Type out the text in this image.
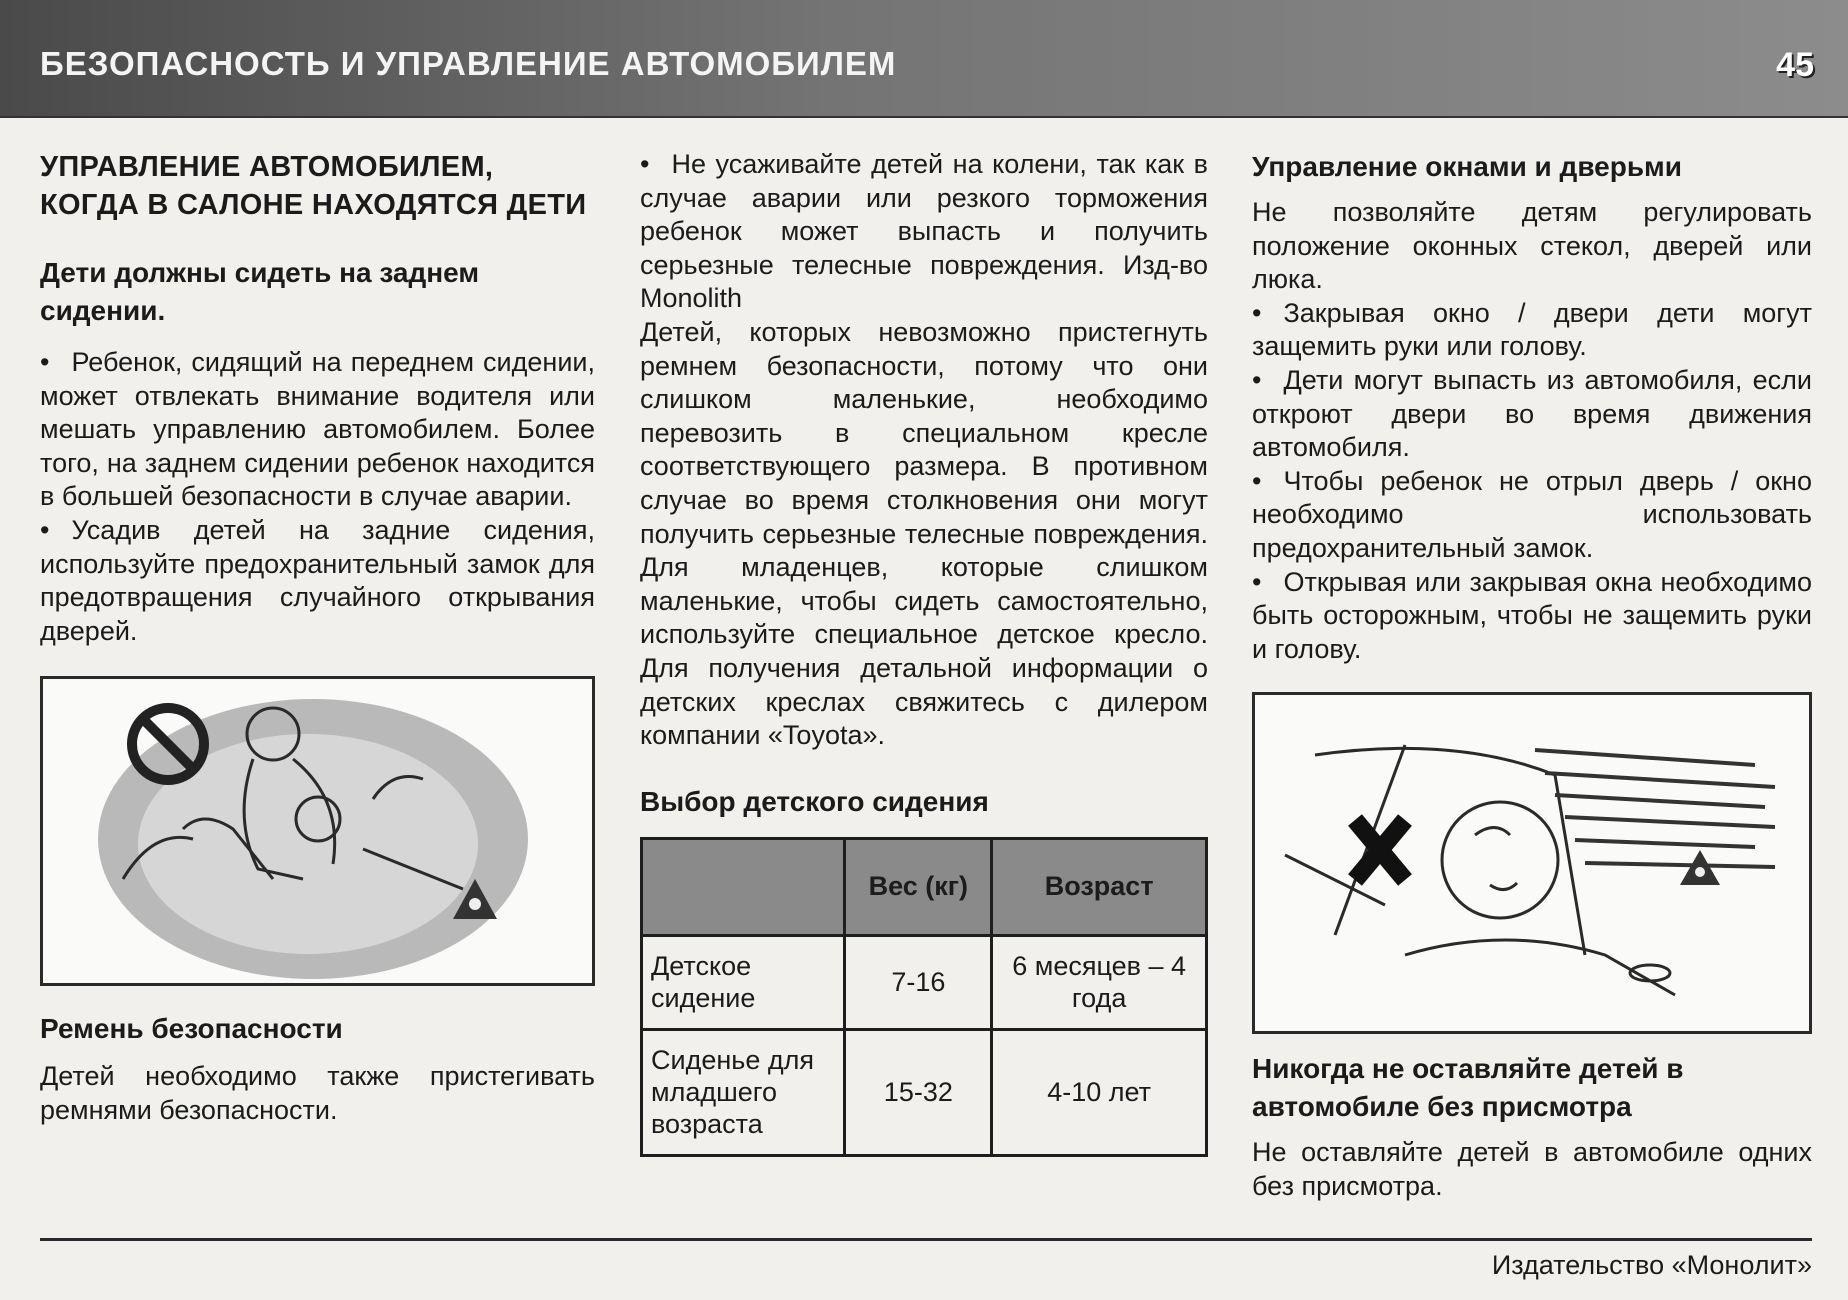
БЕЗОПАСНОСТЬ И УПРАВЛЕНИЕ АВТОМОБИЛЕМ	45
УПРАВЛЕНИЕ АВТОМОБИЛЕМ, КОГДА В САЛОНЕ НАХОДЯТСЯ ДЕТИ
Дети должны сидеть на заднем сидении.

• Ребенок, сидящий на переднем сидении, может отвлекать внимание водителя или мешать управлению автомобилем. Более того, на заднем сидении ребенок находится в большей безопасности в случае аварии.

• Усадив детей на задние сидения, используйте предохранительный замок для предотвращения случайного открывания дверей.

Ремень безопасности

Детей необходимо также пристегивать ремнями безопасности.

• Не усаживайте детей на колени, так как в случае аварии или резкого торможения ребенок может выпасть и получить серьезные телесные повреждения. Изд-во Monolith

Детей, которых невозможно пристегнуть ремнем безопасности, потому что они слишком маленькие, необходимо перевозить в специальном кресле соответствующего размера. В противном случае во время столкновения они могут получить серьезные телесные повреждения. Для младенцев, которые слишком маленькие, чтобы сидеть самостоятельно, используйте специальное детское кресло. Для получения детальной информации о детских креслах свяжитесь с дилером компании «Toyota».

Выбор детского сидения
	Вес (кг)	Возраст
Детское сидение	7-16	6 месяцев – 4 года
Сиденье для младшего возраста	15-32	4-10 лет
Управление окнами и дверьми

Не позволяйте детям регулировать положение оконных стекол, дверей или люка.

• Закрывая окно / двери дети могут защемить руки или голову.

• Дети могут выпасть из автомобиля, если откроют двери во время движения автомобиля.

• Чтобы ребенок не отрыл дверь / окно необходимо использовать предохранительный замок.

• Открывая или закрывая окна необходимо быть осторожным, чтобы не защемить руки и голову.

Никогда не оставляйте детей в автомобиле без присмотра

Не оставляйте детей в автомобиле одних без присмотра.

Издательство «Монолит»
